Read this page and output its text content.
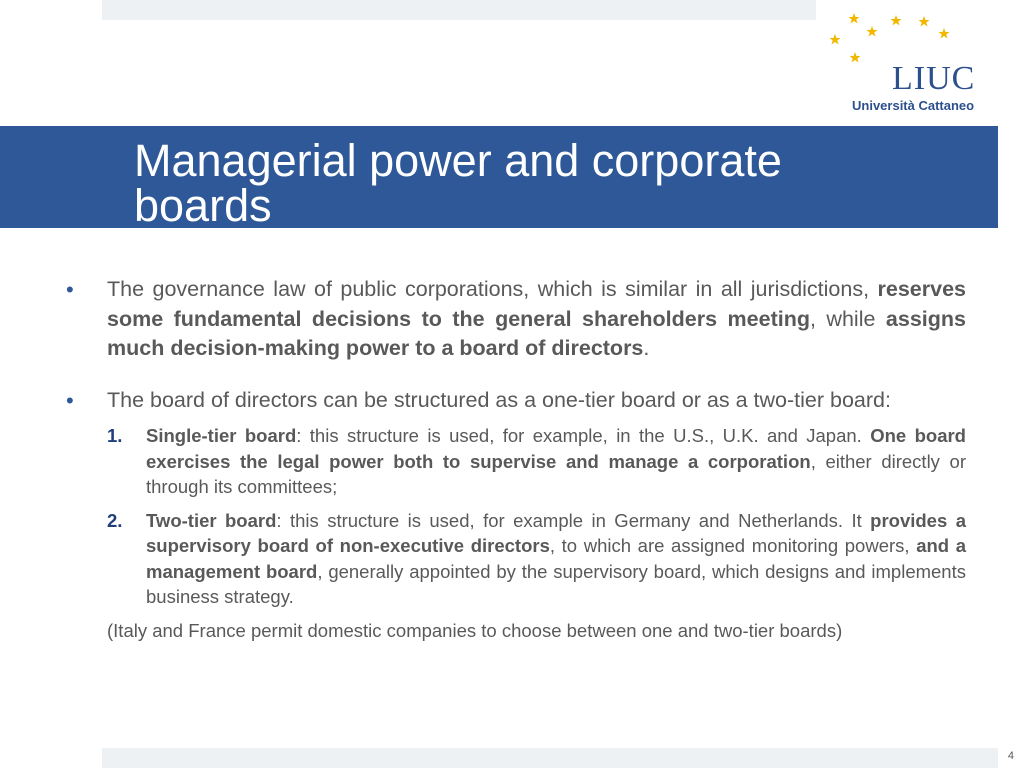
LIUC
Università Cattaneo
Managerial power and corporate boards

• The governance law of public corporations, which is similar in all jurisdictions, reserves some fundamental decisions to the general shareholders meeting, while assigns much decision-making power to a board of directors.

• The board of directors can be structured as a one-tier board or as a two-tier board:
1. Single-tier board: this structure is used, for example, in the U.S., U.K. and Japan. One board exercises the legal power both to supervise and manage a corporation, either directly or through its committees;
2. Two-tier board: this structure is used, for example in Germany and Netherlands. It provides a supervisory board of non-executive directors, to which are assigned monitoring powers, and a management board, generally appointed by the supervisory board, which designs and implements business strategy.
(Italy and France permit domestic companies to choose between one and two-tier boards)
4
